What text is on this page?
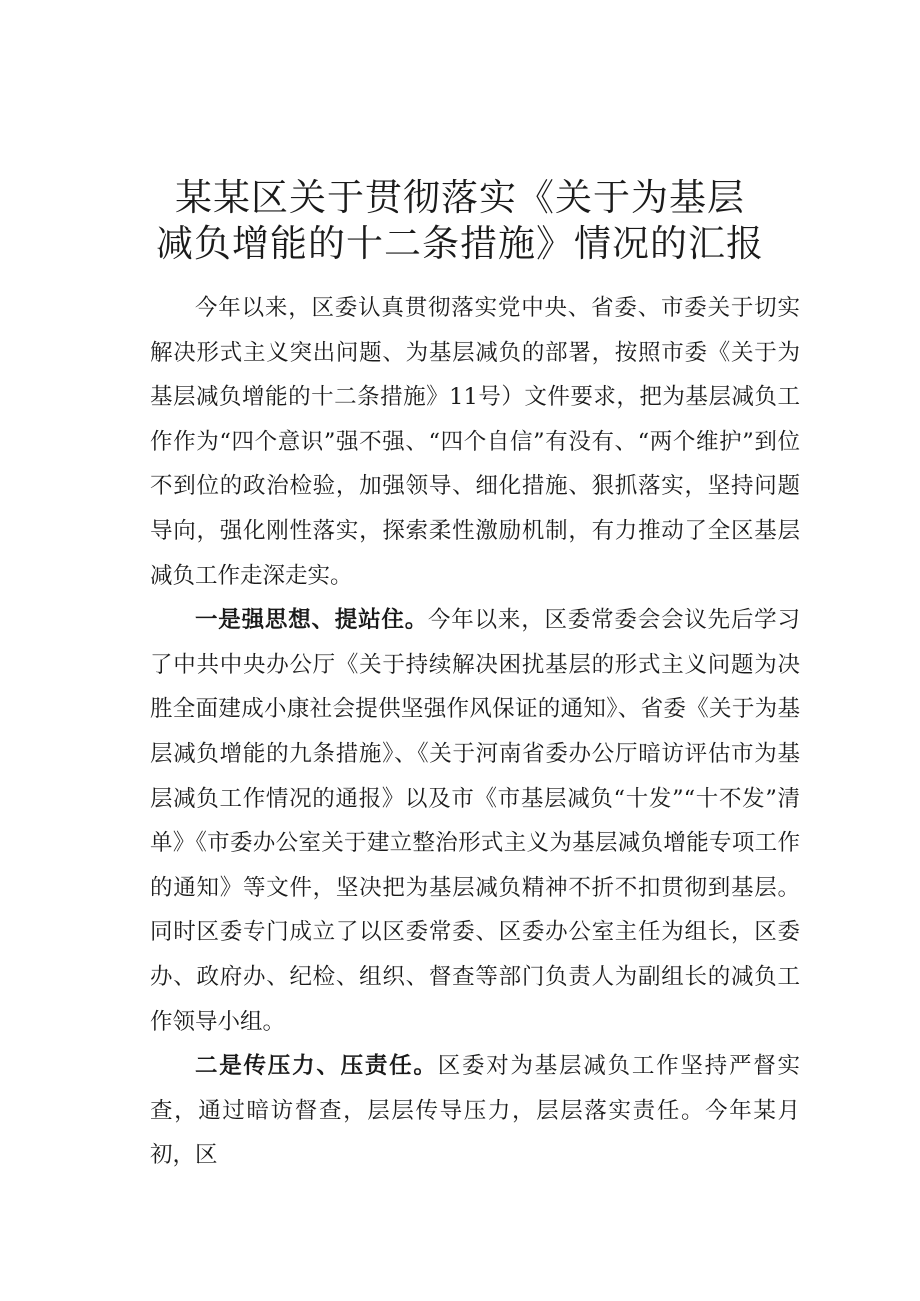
某某区关于贯彻落实《关于为基层
减负增能的十二条措施》情况的汇报

今年以来，区委认真贯彻落实党中央、省委、市委关于切实解决形式主义突出问题、为基层减负的部署，按照市委《关于为基层减负增能的十二条措施》11号）文件要求，把为基层减负工作作为“四个意识”强不强、“四个自信”有没有、“两个维护”到位不到位的政治检验，加强领导、细化措施、狠抓落实，坚持问题导向，强化刚性落实，探索柔性激励机制，有力推动了全区基层减负工作走深走实。

一是强思想、提站住。今年以来，区委常委会会议先后学习了中共中央办公厅《关于持续解决困扰基层的形式主义问题为决胜全面建成小康社会提供坚强作风保证的通知》、省委《关于为基层减负增能的九条措施》、《关于河南省委办公厅暗访评估市为基层减负工作情况的通报》以及市《市基层减负“十发”“十不发”清单》《市委办公室关于建立整治形式主义为基层减负增能专项工作的通知》等文件，坚决把为基层减负精神不折不扣贯彻到基层。同时区委专门成立了以区委常委、区委办公室主任为组长，区委办、政府办、纪检、组织、督查等部门负责人为副组长的减负工作领导小组。

二是传压力、压责任。区委对为基层减负工作坚持严督实查，通过暗访督查，层层传导压力，层层落实责任。今年某月初，区
